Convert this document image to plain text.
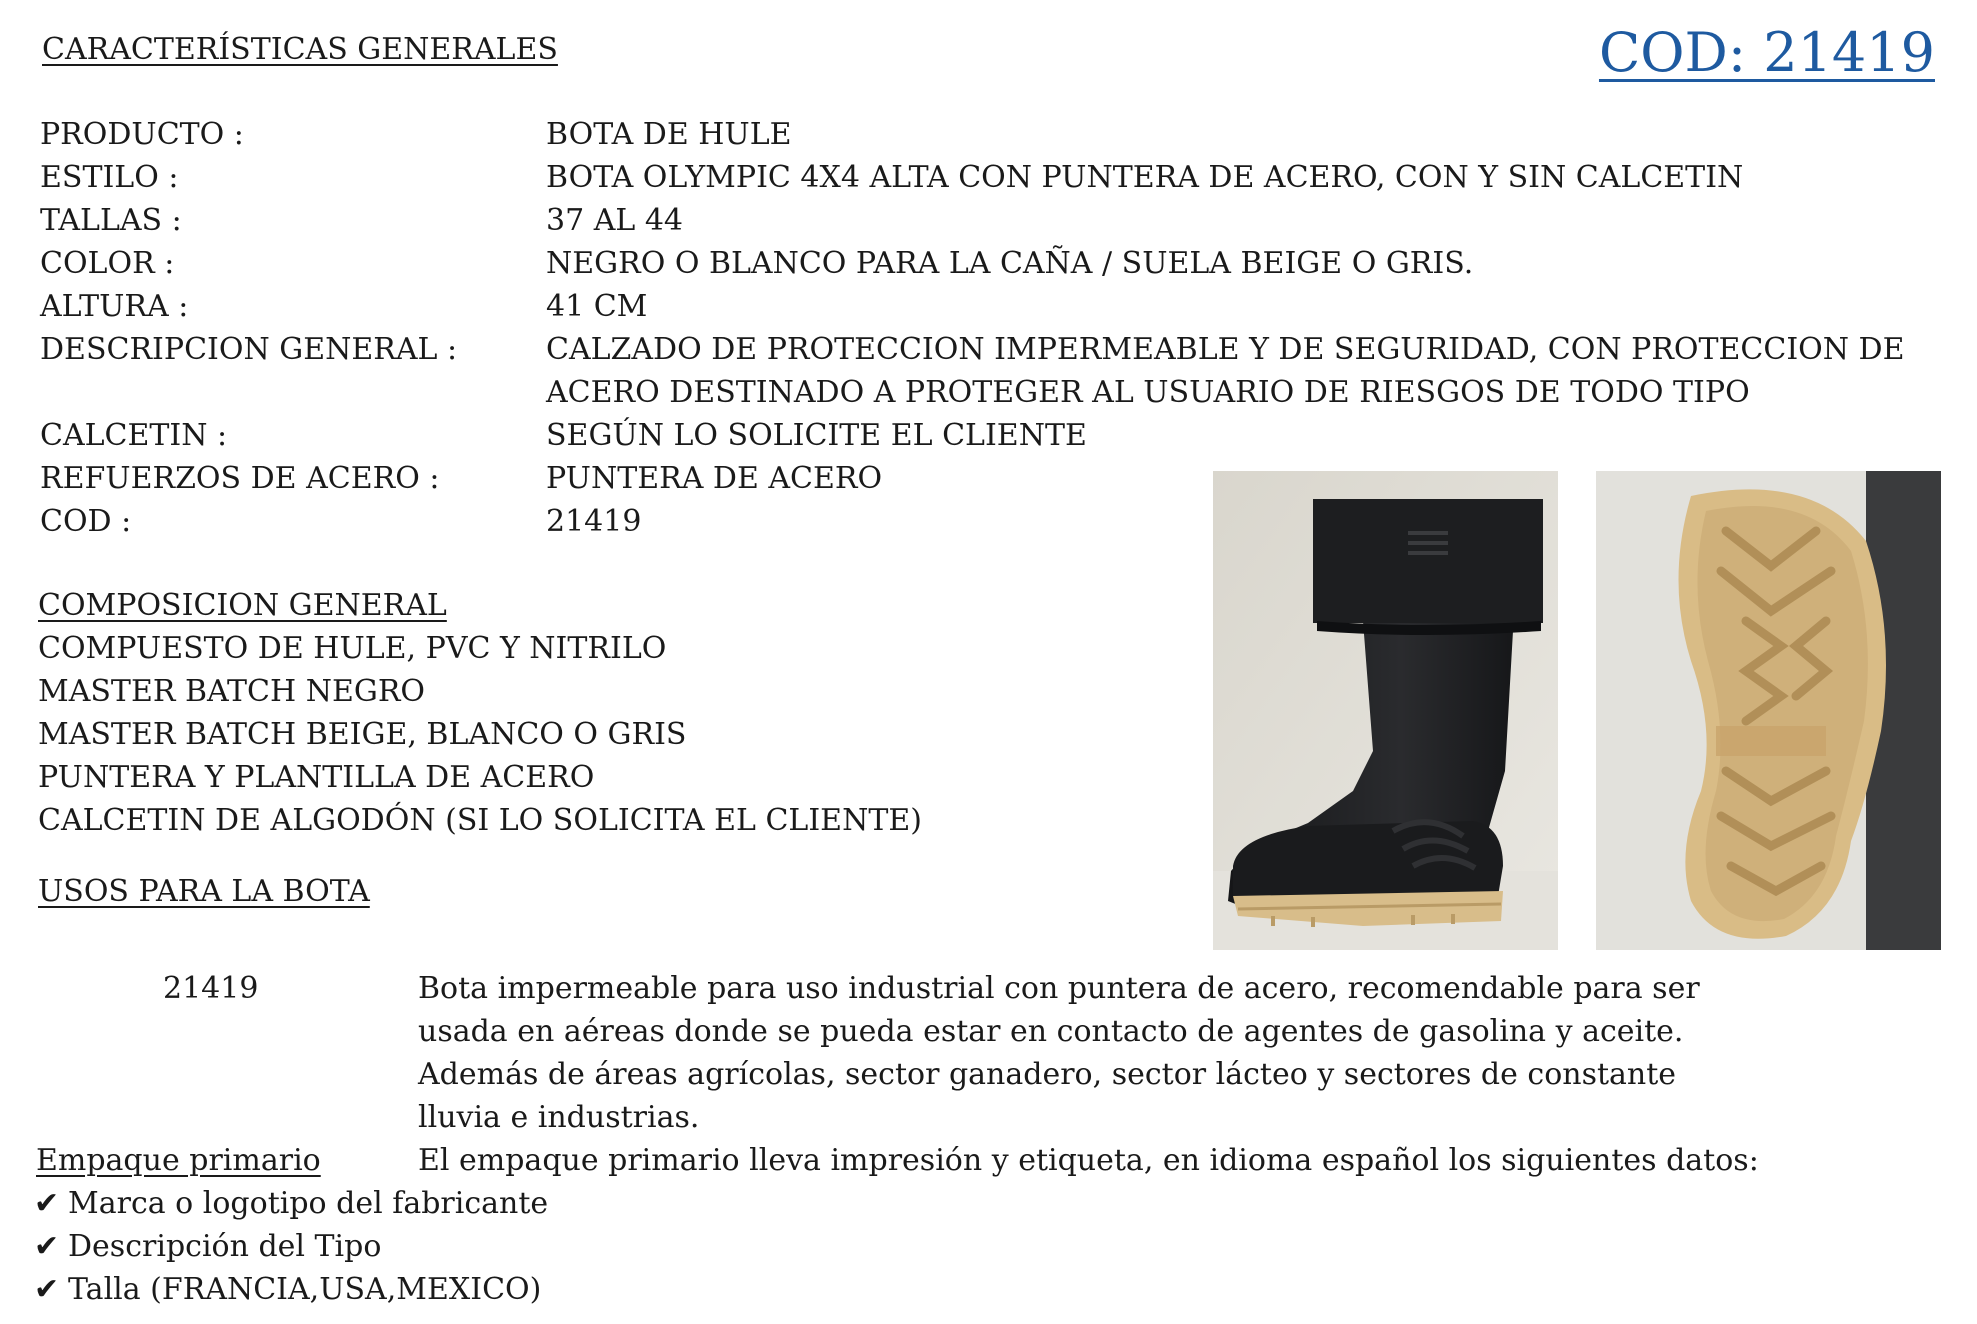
CARACTERÍSTICAS GENERALES	COD: 21419
PRODUCTO :	BOTA DE HULE
ESTILO :	BOTA OLYMPIC 4X4 ALTA CON PUNTERA DE ACERO, CON Y SIN CALCETIN
TALLAS :	37 AL 44
COLOR :	NEGRO O BLANCO PARA LA CAÑA / SUELA BEIGE O GRIS.
ALTURA :	41 CM
DESCRIPCION GENERAL :	CALZADO DE PROTECCION IMPERMEABLE Y DE SEGURIDAD, CON PROTECCION DE
ACERO DESTINADO A PROTEGER AL USUARIO DE RIESGOS DE TODO TIPO
CALCETIN :	SEGÚN LO SOLICITE EL CLIENTE
REFUERZOS DE ACERO :	PUNTERA DE ACERO
COD :	21419
COMPOSICION GENERAL
COMPUESTO DE HULE, PVC Y NITRILO
MASTER BATCH NEGRO
MASTER BATCH BEIGE, BLANCO O GRIS
PUNTERA Y PLANTILLA DE ACERO
CALCETIN DE ALGODÓN (SI LO SOLICITA EL CLIENTE)
USOS PARA LA BOTA
21419	Bota impermeable para uso industrial con puntera de acero, recomendable para ser usada en aéreas donde se pueda estar en contacto de agentes de gasolina y aceite. Además de áreas agrícolas, sector ganadero, sector lácteo y sectores de constante lluvia e industrias.
Empaque primario	El empaque primario lleva impresión y etiqueta, en idioma español los siguientes datos:
✔ Marca o logotipo del fabricante
✔ Descripción del Tipo
✔ Talla (FRANCIA,USA,MEXICO)
